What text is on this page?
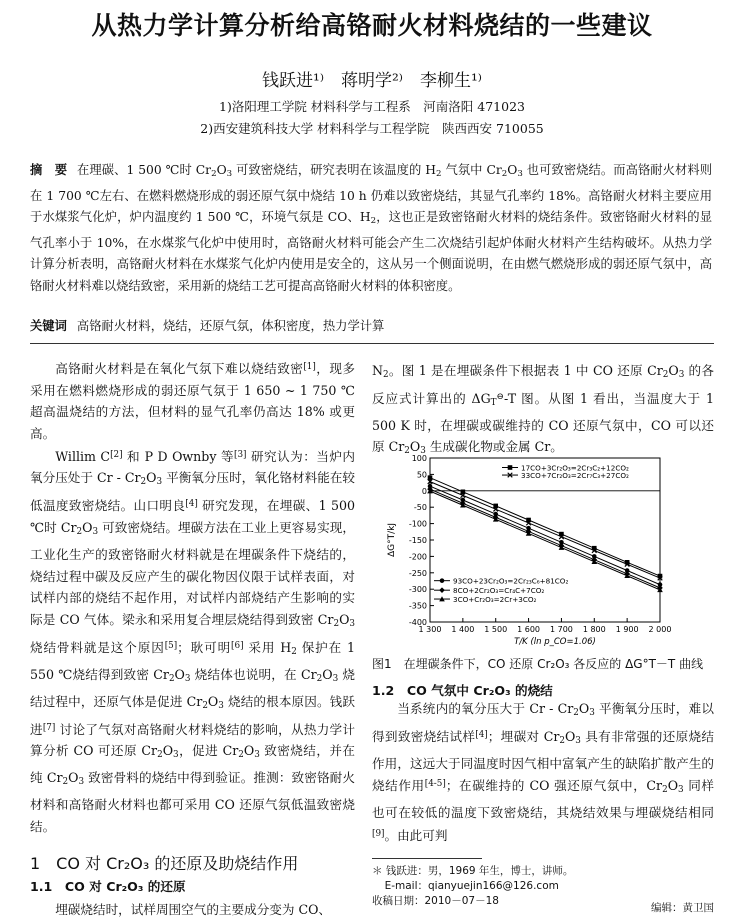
从热力学计算分析给高铬耐火材料烧结的一些建议
钱跃进¹⁾　蒋明学²⁾　李柳生¹⁾
1)洛阳理工学院 材料科学与工程系　河南洛阳 471023
2)西安建筑科技大学 材料科学与工程学院　陕西西安 710055
摘　要 在理碳、1 500 ℃时 $Cr_2O_3$ 可致密烧结，研究表明在该温度的 $H_2$ 气氛中 $Cr_2O_3$ 也可致密烧结。而高铬耐火材料则在 1 700 ℃左右、在燃料燃烧形成的弱还原气氛中烧结 10 h 仍难以致密烧结，其显气孔率约 18%。高铬耐火材料主要应用于水煤浆气化炉，炉内温度约 1 500 ℃，环境气氛是 CO、$H_2$，这也正是致密铬耐火材料的烧结条件。致密铬耐火材料的显气孔率小于 10%，在水煤浆气化炉中使用时，高铬耐火材料可能会产生二次烧结引起炉体耐火材料产生结构破坏。从热力学计算分析表明，高铬耐火材料在水煤浆气化炉内使用是安全的，这从另一个侧面说明，在由燃气燃烧形成的弱还原气氛中，高铬耐火材料难以烧结致密，采用新的烧结工艺可提高高铬耐火材料的体积密度。
关键词 高铬耐火材料，烧结，还原气氛，体积密度，热力学计算

高铬耐火材料是在氧化气氛下难以烧结致密[1]，现多采用在燃料燃烧形成的弱还原气氛于 1 650 ~ 1 750 ℃ 超高温烧结的方法，但材料的显气孔率仍高达 18% 或更高。

Willim C[2] 和 P D Ownby 等[3] 研究认为：当炉内氧分压处于 Cr - $Cr_2O_3$ 平衡氧分压时，氧化铬材料能在较低温度致密烧结。山口明良[4] 研究发现，在埋碳、1 500 ℃时 $Cr_2O_3$ 可致密烧结。埋碳方法在工业上更容易实现，工业化生产的致密铬耐火材料就是在埋碳条件下烧结的，烧结过程中碳及反应产生的碳化物因仪限于试样表面，对试样内部的烧结不起作用，对试样内部烧结产生影响的实际是 CO 气体。梁永和采用复合埋层烧结得到致密 $Cr_2O_3$ 烧结骨料就是这个原因[5]；耿可明[6] 采用 $H_2$ 保护在 1 550 ℃烧结得到致密 $Cr_2O_3$ 烧结体也说明，在 $Cr_2O_3$ 烧结过程中，还原气体是促进 $Cr_2O_3$ 烧结的根本原因。钱跃进[7] 讨论了气氛对高铬耐火材料烧结的影响，从热力学计算分析 CO 可还原 $Cr_2O_3$，促进 $Cr_2O_3$ 致密烧结，并在纯 $Cr_2O_3$ 致密骨料的烧结中得到验证。推测：致密铬耐火材料和高铬耐火材料也都可采用 CO 还原气氛低温致密烧结。

1　CO 对 Cr₂O₃ 的还原及助烧结作用
1.1　CO 对 Cr₂O₃ 的还原
埋碳烧结时，试样周围空气的主要成分变为 CO、

$N_2$。图 1 是在埋碳条件下根据表 1 中 CO 还原 $Cr_2O_3$ 的各反应式计算出的 $\Delta G_T^⊖-T$ 图。从图 1 看出，当温度大于 1 500 K 时，在埋碳或碳维持的 CO 还原气氛中，CO 可以还原 $Cr_2O_3$ 生成碳化物或金属 Cr。

100
50
0
-50
-100
-150
-200
-250
-300
-350
-400
1 300 1 400 1 500 1 600 1 700 1 800 1 900 2 000
T/K (ln p_CO=1.06)
ΔG°T/kJ
17CO+3Cr₂O₃=2Cr₃C₂+12CO₂
33CO+7Cr₂O₃=2Cr₇C₃+27CO₂
93CO+23Cr₂O₃=2Cr₂₃C₆+81CO₂
8CO+2Cr₂O₃=Cr₄C+7CO₂
3CO+Cr₂O₃=2Cr+3CO₂
图1　在埋碳条件下，CO 还原 Cr₂O₃ 各反应的 ΔG°T－T 曲线
1.2　CO 气氛中 Cr₂O₃ 的烧结

当系统内的氧分压大于 Cr - $Cr_2O_3$ 平衡氧分压时，难以得到致密烧结试样[4]；埋碳对 $Cr_2O_3$ 具有非常强的还原烧结作用，这远大于同温度时因气相中富氧产生的缺陷扩散产生的烧结作用[4-5]；在碳维持的 CO 强还原气氛中，$Cr_2O_3$ 同样也可在较低的温度下致密烧结，其烧结效果与埋碳烧结相同[9]。由此可判

＊ 钱跃进：男，1969 年生，博士，讲师。
E-mail：qianyuejin166@126.com
收稿日期：2010－07－18
编辑：黄卫国
